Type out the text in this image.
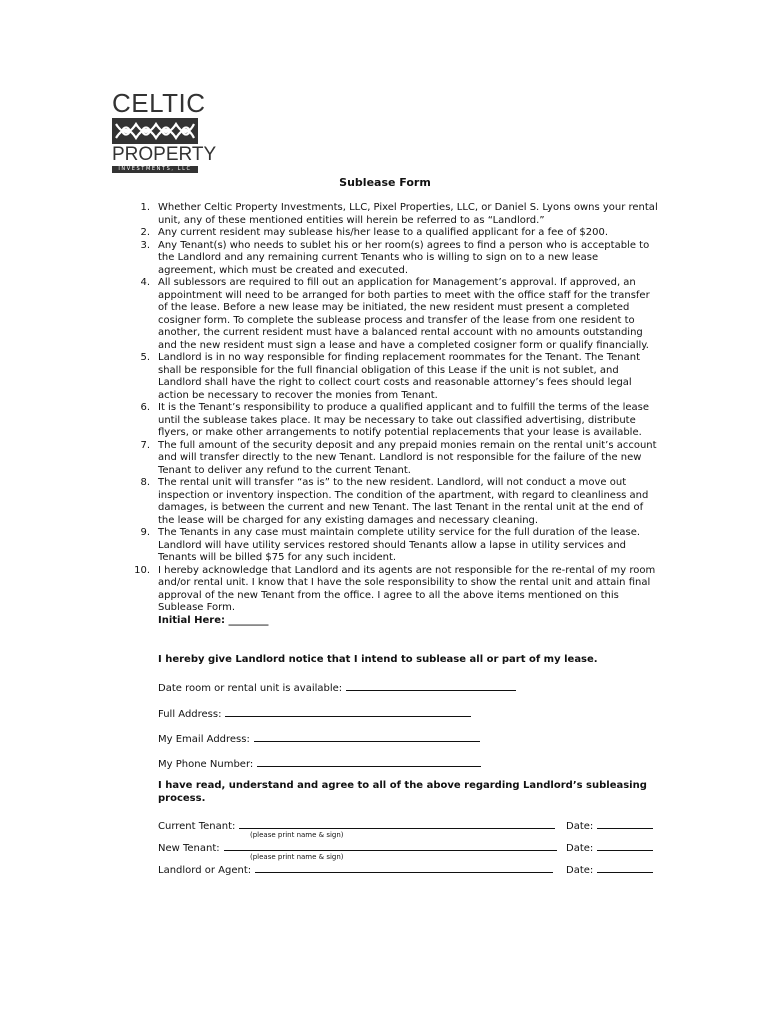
CELTIC
PROPERTY
INVESTMENTS, LLC
Sublease Form
1. Whether Celtic Property Investments, LLC, Pixel Properties, LLC, or Daniel S. Lyons owns your rental unit, any of these mentioned entities will herein be referred to as “Landlord.”
2. Any current resident may sublease his/her lease to a qualified applicant for a fee of $200.
3. Any Tenant(s) who needs to sublet his or her room(s) agrees to find a person who is acceptable to the Landlord and any remaining current Tenants who is willing to sign on to a new lease agreement, which must be created and executed.
4. All sublessors are required to fill out an application for Management’s approval. If approved, an appointment will need to be arranged for both parties to meet with the office staff for the transfer of the lease. Before a new lease may be initiated, the new resident must present a completed cosigner form. To complete the sublease process and transfer of the lease from one resident to another, the current resident must have a balanced rental account with no amounts outstanding and the new resident must sign a lease and have a completed cosigner form or qualify financially.
5. Landlord is in no way responsible for finding replacement roommates for the Tenant. The Tenant shall be responsible for the full financial obligation of this Lease if the unit is not sublet, and Landlord shall have the right to collect court costs and reasonable attorney’s fees should legal action be necessary to recover the monies from Tenant.
6. It is the Tenant’s responsibility to produce a qualified applicant and to fulfill the terms of the lease until the sublease takes place. It may be necessary to take out classified advertising, distribute flyers, or make other arrangements to notify potential replacements that your lease is available.
7. The full amount of the security deposit and any prepaid monies remain on the rental unit’s account and will transfer directly to the new Tenant. Landlord is not responsible for the failure of the new Tenant to deliver any refund to the current Tenant.
8. The rental unit will transfer “as is” to the new resident. Landlord, will not conduct a move out inspection or inventory inspection. The condition of the apartment, with regard to cleanliness and damages, is between the current and new Tenant. The last Tenant in the rental unit at the end of the lease will be charged for any existing damages and necessary cleaning.
9. The Tenants in any case must maintain complete utility service for the full duration of the lease. Landlord will have utility services restored should Tenants allow a lapse in utility services and Tenants will be billed $75 for any such incident.
10. I hereby acknowledge that Landlord and its agents are not responsible for the re-rental of my room and/or rental unit. I know that I have the sole responsibility to show the rental unit and attain final approval of the new Tenant from the office. I agree to all the above items mentioned on this Sublease Form.
Initial Here: ________
I hereby give Landlord notice that I intend to sublease all or part of my lease.
Date room or rental unit is available:
Full Address:
My Email Address:
My Phone Number:
I have read, understand and agree to all of the above regarding Landlord’s subleasing process.
Current Tenant:	Date:
(please print name & sign)
New Tenant:	Date:
(please print name & sign)
Landlord or Agent:	Date:
